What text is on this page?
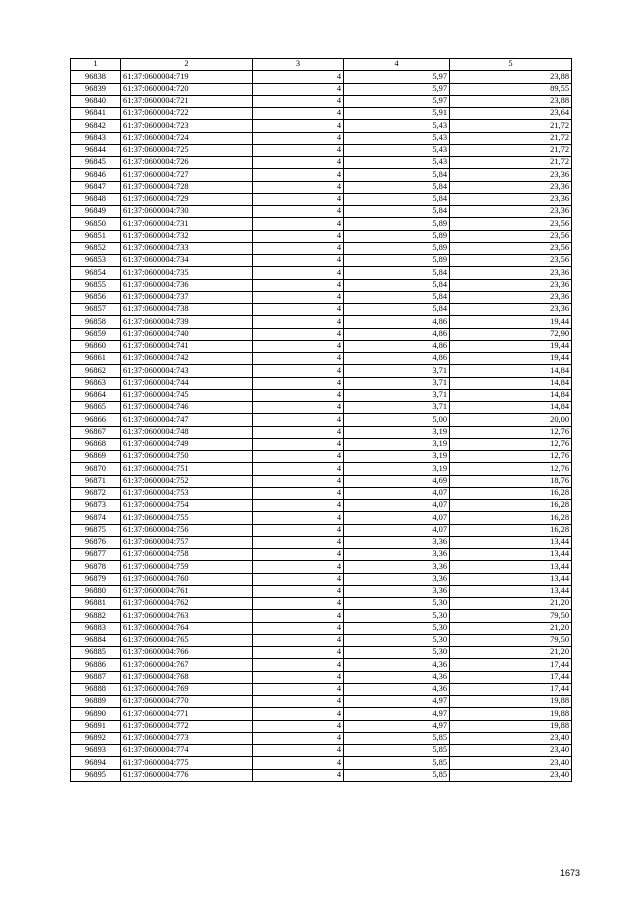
1	2	3	4	5
96838	61:37:0600004:719	4	5,97	23,88
96839	61:37:0600004:720	4	5,97	89,55
96840	61:37:0600004:721	4	5,97	23,88
96841	61:37:0600004:722	4	5,91	23,64
96842	61:37:0600004:723	4	5,43	21,72
96843	61:37:0600004:724	4	5,43	21,72
96844	61:37:0600004:725	4	5,43	21,72
96845	61:37:0600004:726	4	5,43	21,72
96846	61:37:0600004:727	4	5,84	23,36
96847	61:37:0600004:728	4	5,84	23,36
96848	61:37:0600004:729	4	5,84	23,36
96849	61:37:0600004:730	4	5,84	23,36
96850	61:37:0600004:731	4	5,89	23,56
96851	61:37:0600004:732	4	5,89	23,56
96852	61:37:0600004:733	4	5,89	23,56
96853	61:37:0600004:734	4	5,89	23,56
96854	61:37:0600004:735	4	5,84	23,36
96855	61:37:0600004:736	4	5,84	23,36
96856	61:37:0600004:737	4	5,84	23,36
96857	61:37:0600004:738	4	5,84	23,36
96858	61:37:0600004:739	4	4,86	19,44
96859	61:37:0600004:740	4	4,86	72,90
96860	61:37:0600004:741	4	4,86	19,44
96861	61:37:0600004:742	4	4,86	19,44
96862	61:37:0600004:743	4	3,71	14,84
96863	61:37:0600004:744	4	3,71	14,84
96864	61:37:0600004:745	4	3,71	14,84
96865	61:37:0600004:746	4	3,71	14,84
96866	61:37:0600004:747	4	5,00	20,00
96867	61:37:0600004:748	4	3,19	12,76
96868	61:37:0600004:749	4	3,19	12,76
96869	61:37:0600004:750	4	3,19	12,76
96870	61:37:0600004:751	4	3,19	12,76
96871	61:37:0600004:752	4	4,69	18,76
96872	61:37:0600004:753	4	4,07	16,28
96873	61:37:0600004:754	4	4,07	16,28
96874	61:37:0600004:755	4	4,07	16,28
96875	61:37:0600004:756	4	4,07	16,28
96876	61:37:0600004:757	4	3,36	13,44
96877	61:37:0600004:758	4	3,36	13,44
96878	61:37:0600004:759	4	3,36	13,44
96879	61:37:0600004:760	4	3,36	13,44
96880	61:37:0600004:761	4	3,36	13,44
96881	61:37:0600004:762	4	5,30	21,20
96882	61:37:0600004:763	4	5,30	79,50
96883	61:37:0600004:764	4	5,30	21,20
96884	61:37:0600004:765	4	5,30	79,50
96885	61:37:0600004:766	4	5,30	21,20
96886	61:37:0600004:767	4	4,36	17,44
96887	61:37:0600004:768	4	4,36	17,44
96888	61:37:0600004:769	4	4,36	17,44
96889	61:37:0600004:770	4	4,97	19,88
96890	61:37:0600004:771	4	4,97	19,88
96891	61:37:0600004:772	4	4,97	19,88
96892	61:37:0600004:773	4	5,85	23,40
96893	61:37:0600004:774	4	5,85	23,40
96894	61:37:0600004:775	4	5,85	23,40
96895	61:37:0600004:776	4	5,85	23,40
1673
